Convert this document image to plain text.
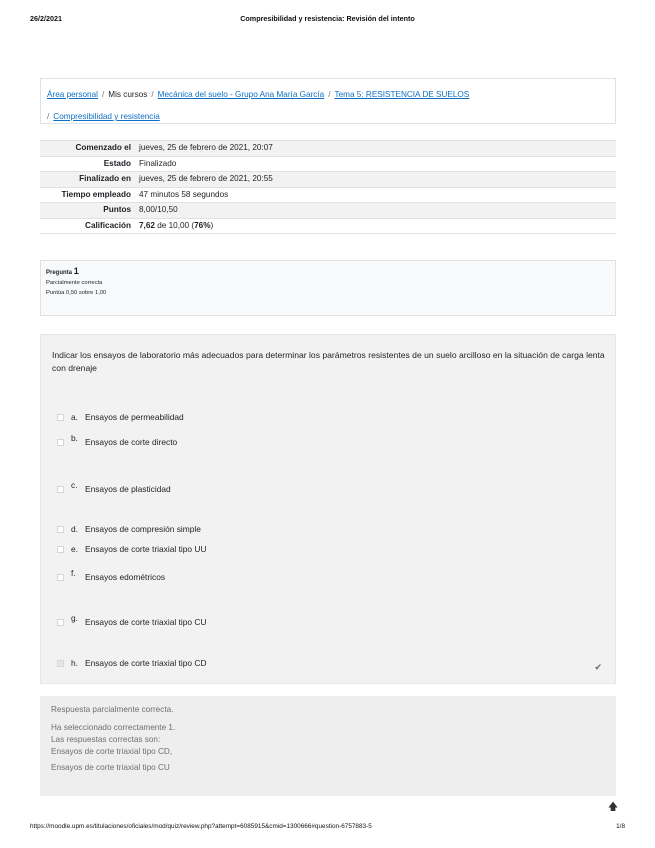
26/2/2021	Compresibilidad y resistencia: Revisión del intento
Área personal / Mis cursos / Mecánica del suelo - Grupo Ana María García / Tema 5: RESISTENCIA DE SUELOS
/ Compresibilidad y resistencia
Comenzado el	jueves, 25 de febrero de 2021, 20:07
Estado	Finalizado
Finalizado en	jueves, 25 de febrero de 2021, 20:55
Tiempo empleado	47 minutos 58 segundos
Puntos	8,00/10,50
Calificación	7,62 de 10,00 (76%)
Pregunta 1
Parcialmente correcta
Puntúa 0,50 sobre 1,00
Indicar los ensayos de laboratorio más adecuados para determinar los parámetros resistentes de un suelo arcilloso en la situación de carga lenta con drenaje
a. Ensayos de permeabilidad
b. Ensayos de corte directo
c. Ensayos de plasticidad
d. Ensayos de compresión simple
e. Ensayos de corte triaxial tipo UU
f.	Ensayos edométricos
g. Ensayos de corte triaxial tipo CU
h. Ensayos de corte triaxial tipo CD	✔
Respuesta parcialmente correcta.
Ha seleccionado correctamente 1.
Las respuestas correctas son:
Ensayos de corte triaxial tipo CD,
Ensayos de corte triaxial tipo CU
🡅
https://moodle.upm.es/titulaciones/oficiales/mod/quiz/review.php?attempt=6085915&cmid=1300666#question-6757883-5	1/8
